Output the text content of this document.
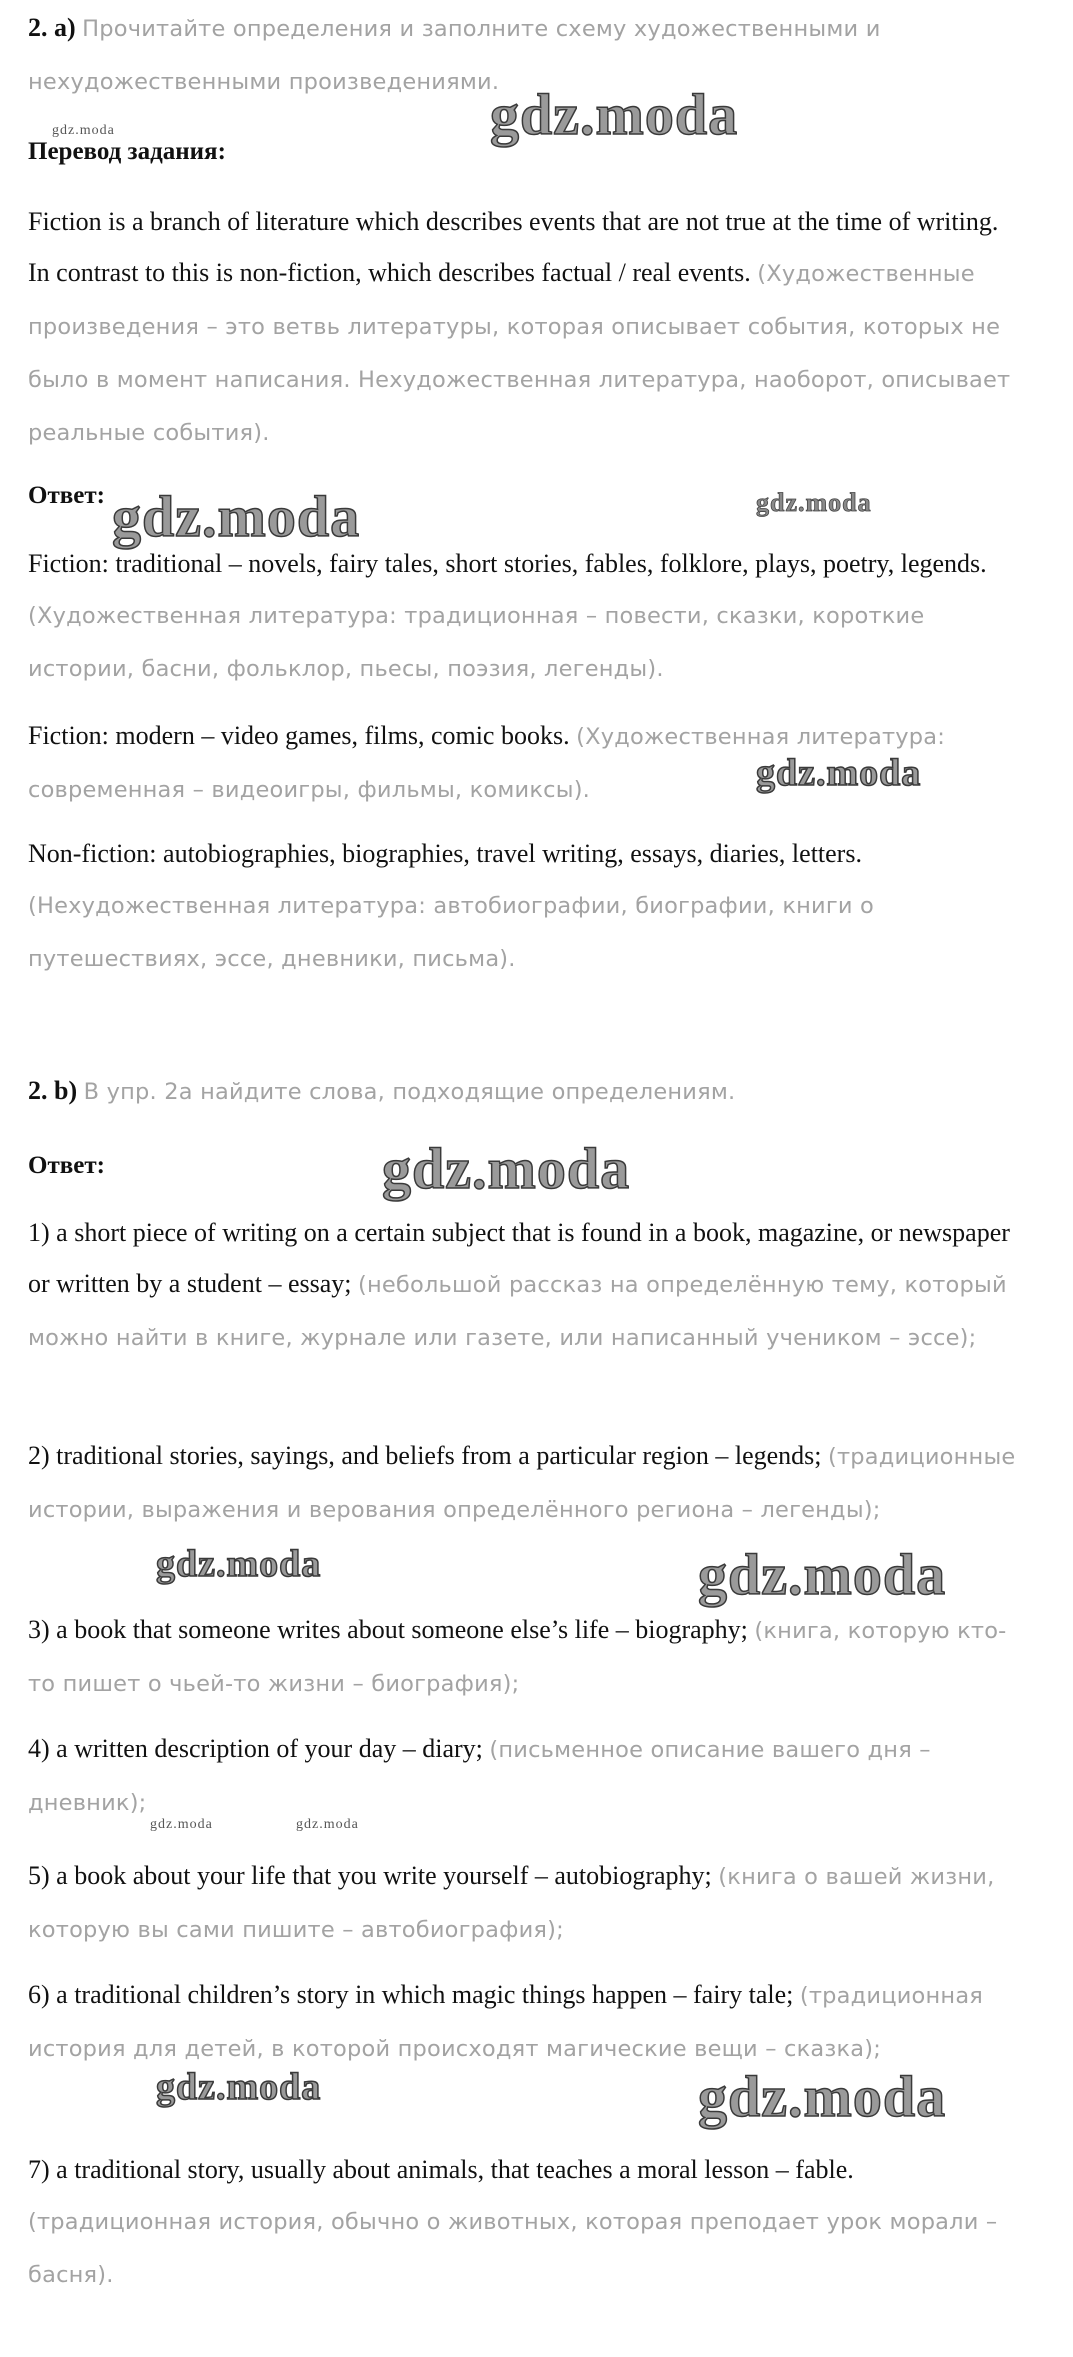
2. a) Прочитайте определения и заполните схему художественными и нехудожественными произведениями.

Перевод задания:

Fiction is a branch of literature which describes events that are not true at the time of writing. In contrast to this is non-fiction, which describes factual / real events. (Художественные произведения – это ветвь литературы, которая описывает события, которых не было в момент написания. Нехудожественная литература, наоборот, описывает реальные события).

Ответ:

Fiction: traditional – novels, fairy tales, short stories, fables, folklore, plays, poetry, legends. (Художественная литература: традиционная – повести, сказки, короткие истории, басни, фольклор, пьесы, поэзия, легенды).

Fiction: modern – video games, films, comic books. (Художественная литература: современная – видеоигры, фильмы, комиксы).

Non-fiction: autobiographies, biographies, travel writing, essays, diaries, letters. (Нехудожественная литература: автобиографии, биографии, книги о путешествиях, эссе, дневники, письма).

2. b) В упр. 2а найдите слова, подходящие определениям.

Ответ:

1) a short piece of writing on a certain subject that is found in a book, magazine, or newspaper or written by a student – essay; (небольшой рассказ на определённую тему, который можно найти в книге, журнале или газете, или написанный учеником – эссе);

2) traditional stories, sayings, and beliefs from a particular region – legends; (традиционные истории, выражения и верования определённого региона – легенды);

3) a book that someone writes about someone else’s life – biography; (книга, которую кто-то пишет о чьей-то жизни – биография);

4) a written description of your day – diary; (письменное описание вашего дня – дневник);

5) a book about your life that you write yourself – autobiography; (книга о вашей жизни, которую вы сами пишите – автобиография);

6) a traditional children’s story in which magic things happen – fairy tale; (традиционная история для детей, в которой происходят магические вещи – сказка);

7) a traditional story, usually about animals, that teaches a moral lesson – fable. (традиционная история, обычно о животных, которая преподает урок морали – басня).

gdz.moda
gdz.moda
gdz.moda	gdz.moda
gdz.moda
gdz.moda
gdz.moda	gdz.moda
gdz.moda	gdz.moda
gdz.moda	gdz.moda
